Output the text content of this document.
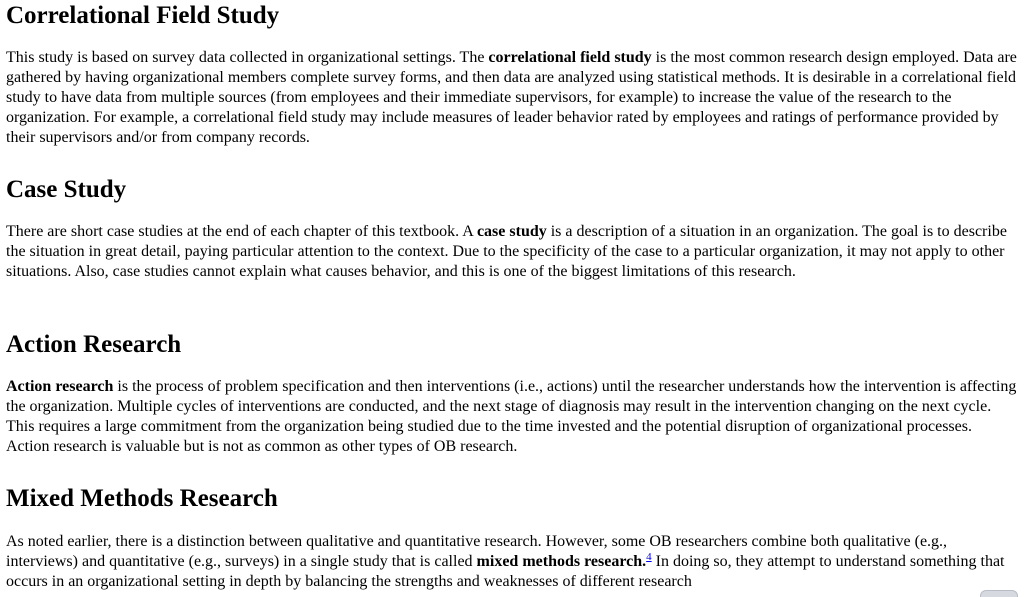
Correlational Field Study

This study is based on survey data collected in organizational settings. The correlational field study is the most common research design employed. Data are gathered by having organizational members complete survey forms, and then data are analyzed using statistical methods. It is desirable in a correlational field study to have data from multiple sources (from employees and their immediate supervisors, for example) to increase the value of the research to the organization. For example, a correlational field study may include measures of leader behavior rated by employees and ratings of performance provided by their supervisors and/or from company records.

Case Study

There are short case studies at the end of each chapter of this textbook. A case study is a description of a situation in an organization. The goal is to describe the situation in great detail, paying particular attention to the context. Due to the specificity of the case to a particular organization, it may not apply to other situations. Also, case studies cannot explain what causes behavior, and this is one of the biggest limitations of this research.

Action Research

Action research is the process of problem specification and then interventions (i.e., actions) until the researcher understands how the intervention is affecting the organization. Multiple cycles of interventions are conducted, and the next stage of diagnosis may result in the intervention changing on the next cycle. This requires a large commitment from the organization being studied due to the time invested and the potential disruption of organizational processes. Action research is valuable but is not as common as other types of OB research.

Mixed Methods Research

As noted earlier, there is a distinction between qualitative and quantitative research. However, some OB researchers combine both qualitative (e.g., interviews) and quantitative (e.g., surveys) in a single study that is called mixed methods research.$^4$ In doing so, they attempt to understand something that occurs in an organizational setting in depth by balancing the strengths and weaknesses of different research
